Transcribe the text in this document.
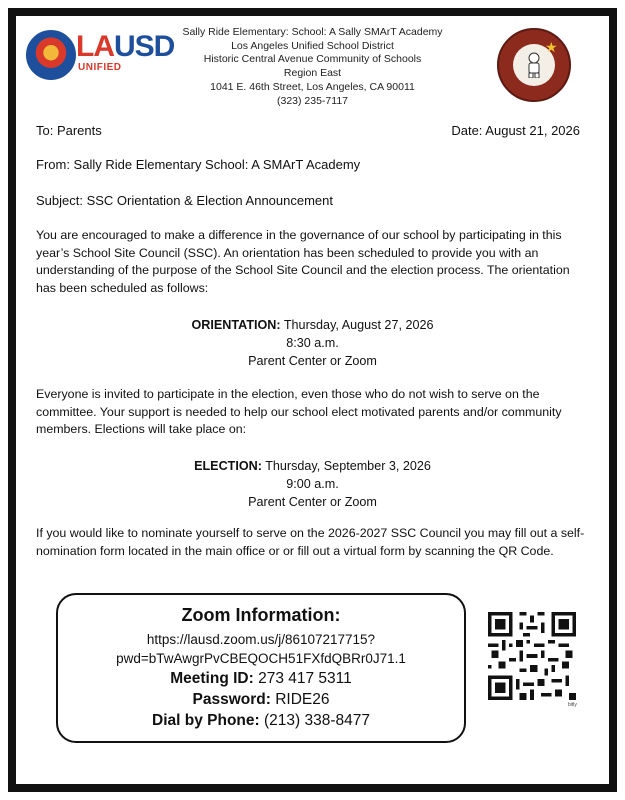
LAUSD
UNIFIED
Sally Ride Elementary: School: A Sally SMArT Academy
Los Angeles Unified School District
Historic Central Avenue Community of Schools
Region East
1041 E. 46th Street, Los Angeles, CA 90011
(323) 235-7117
★
To: Parents	Date: August 21, 2026
From: Sally Ride Elementary School: A SMArT Academy
Subject: SSC Orientation & Election Announcement
You are encouraged to make a difference in the governance of our school by participating in this year’s School Site Council (SSC). An orientation has been scheduled to provide you with an understanding of the purpose of the School Site Council and the election process. The orientation has been scheduled as follows:
ORIENTATION: Thursday, August 27, 2026
8:30 a.m.
Parent Center or Zoom
Everyone is invited to participate in the election, even those who do not wish to serve on the committee. Your support is needed to help our school elect motivated parents and/or community members. Elections will take place on:
ELECTION: Thursday, September 3, 2026
9:00 a.m.
Parent Center or Zoom
If you would like to nominate yourself to serve on the 2026-2027 SSC Council you may fill out a self-nomination form located in the main office or or fill out a virtual form by scanning the QR Code.
Zoom Information:
https://lausd.zoom.us/j/86107217715?
pwd=bTwAwgrPvCBEQOCH51FXfdQBRr0J71.1
Meeting ID: 273 417 5311
Password: RIDE26
Dial by Phone: (213) 338-8477
bitly
